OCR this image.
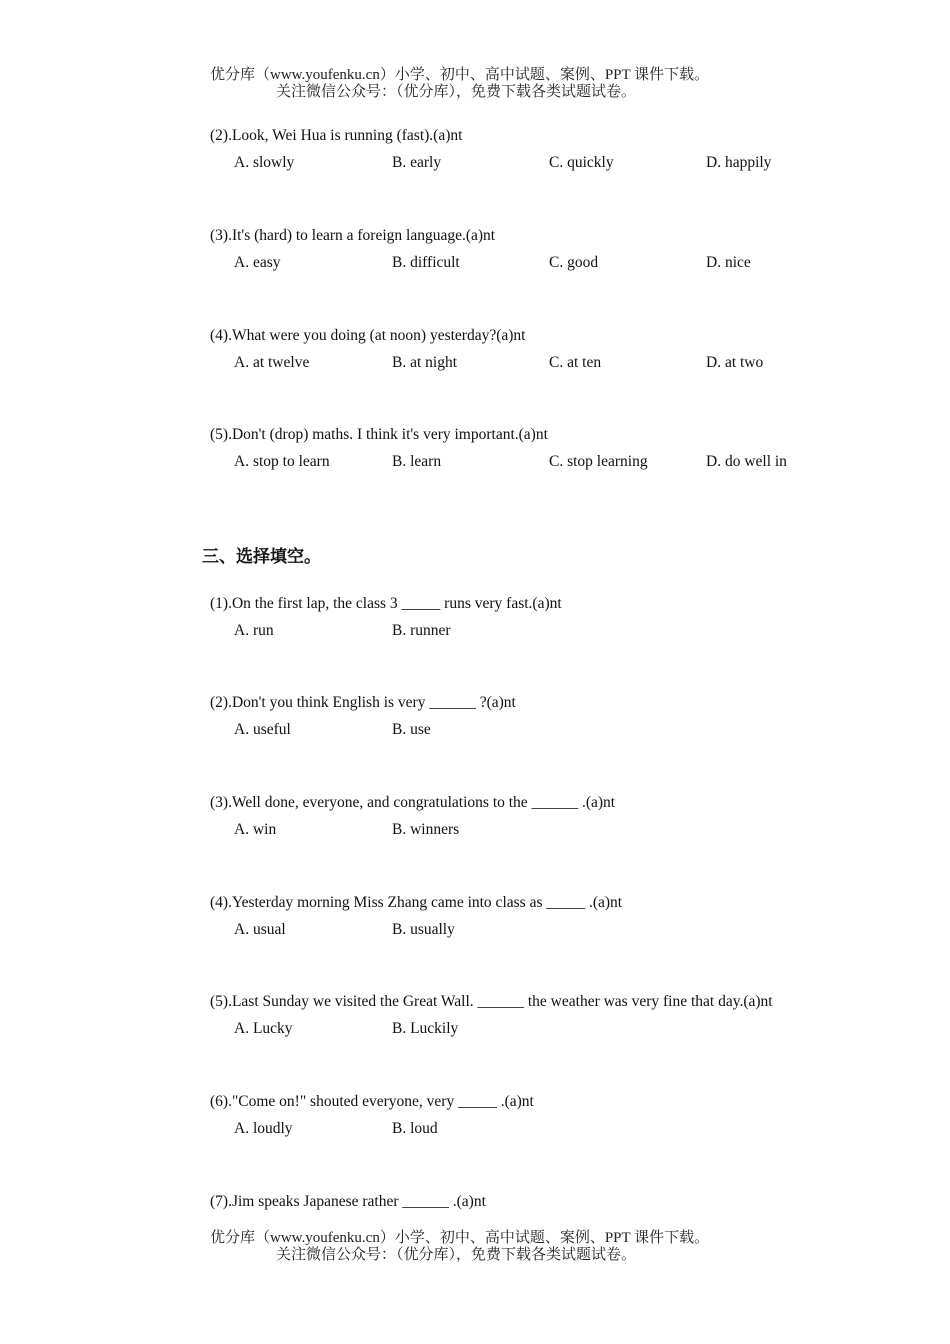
优分库（www.youfenku.cn）小学、初中、高中试题、案例、PPT 课件下载。
关注微信公众号：（优分库），免费下载各类试题试卷。
(2).Look, Wei Hua is running (fast).(a)nt
A. slowly	B. early	C. quickly	D. happily
(3).It's (hard) to learn a foreign language.(a)nt
A. easy	B. difficult	C. good	D. nice
(4).What were you doing (at noon) yesterday?(a)nt
A. at twelve	B. at night	C. at ten	D. at two
(5).Don't (drop) maths. I think it's very important.(a)nt
A. stop to learn	B. learn	C. stop learning	D. do well in
三、选择填空。
(1).On the first lap, the class 3 _____ runs very fast.(a)nt
A. run	B. runner
(2).Don't you think English is very ______ ?(a)nt
A. useful	B. use
(3).Well done, everyone, and congratulations to the ______ .(a)nt
A. win	B. winners
(4).Yesterday morning Miss Zhang came into class as _____ .(a)nt
A. usual	B. usually
(5).Last Sunday we visited the Great Wall. ______ the weather was very fine that day.(a)nt
A. Lucky	B. Luckily
(6)."Come on!" shouted everyone, very _____ .(a)nt
A. loudly	B. loud
(7).Jim speaks Japanese rather ______ .(a)nt
优分库（www.youfenku.cn）小学、初中、高中试题、案例、PPT 课件下载。
关注微信公众号：（优分库），免费下载各类试题试卷。
